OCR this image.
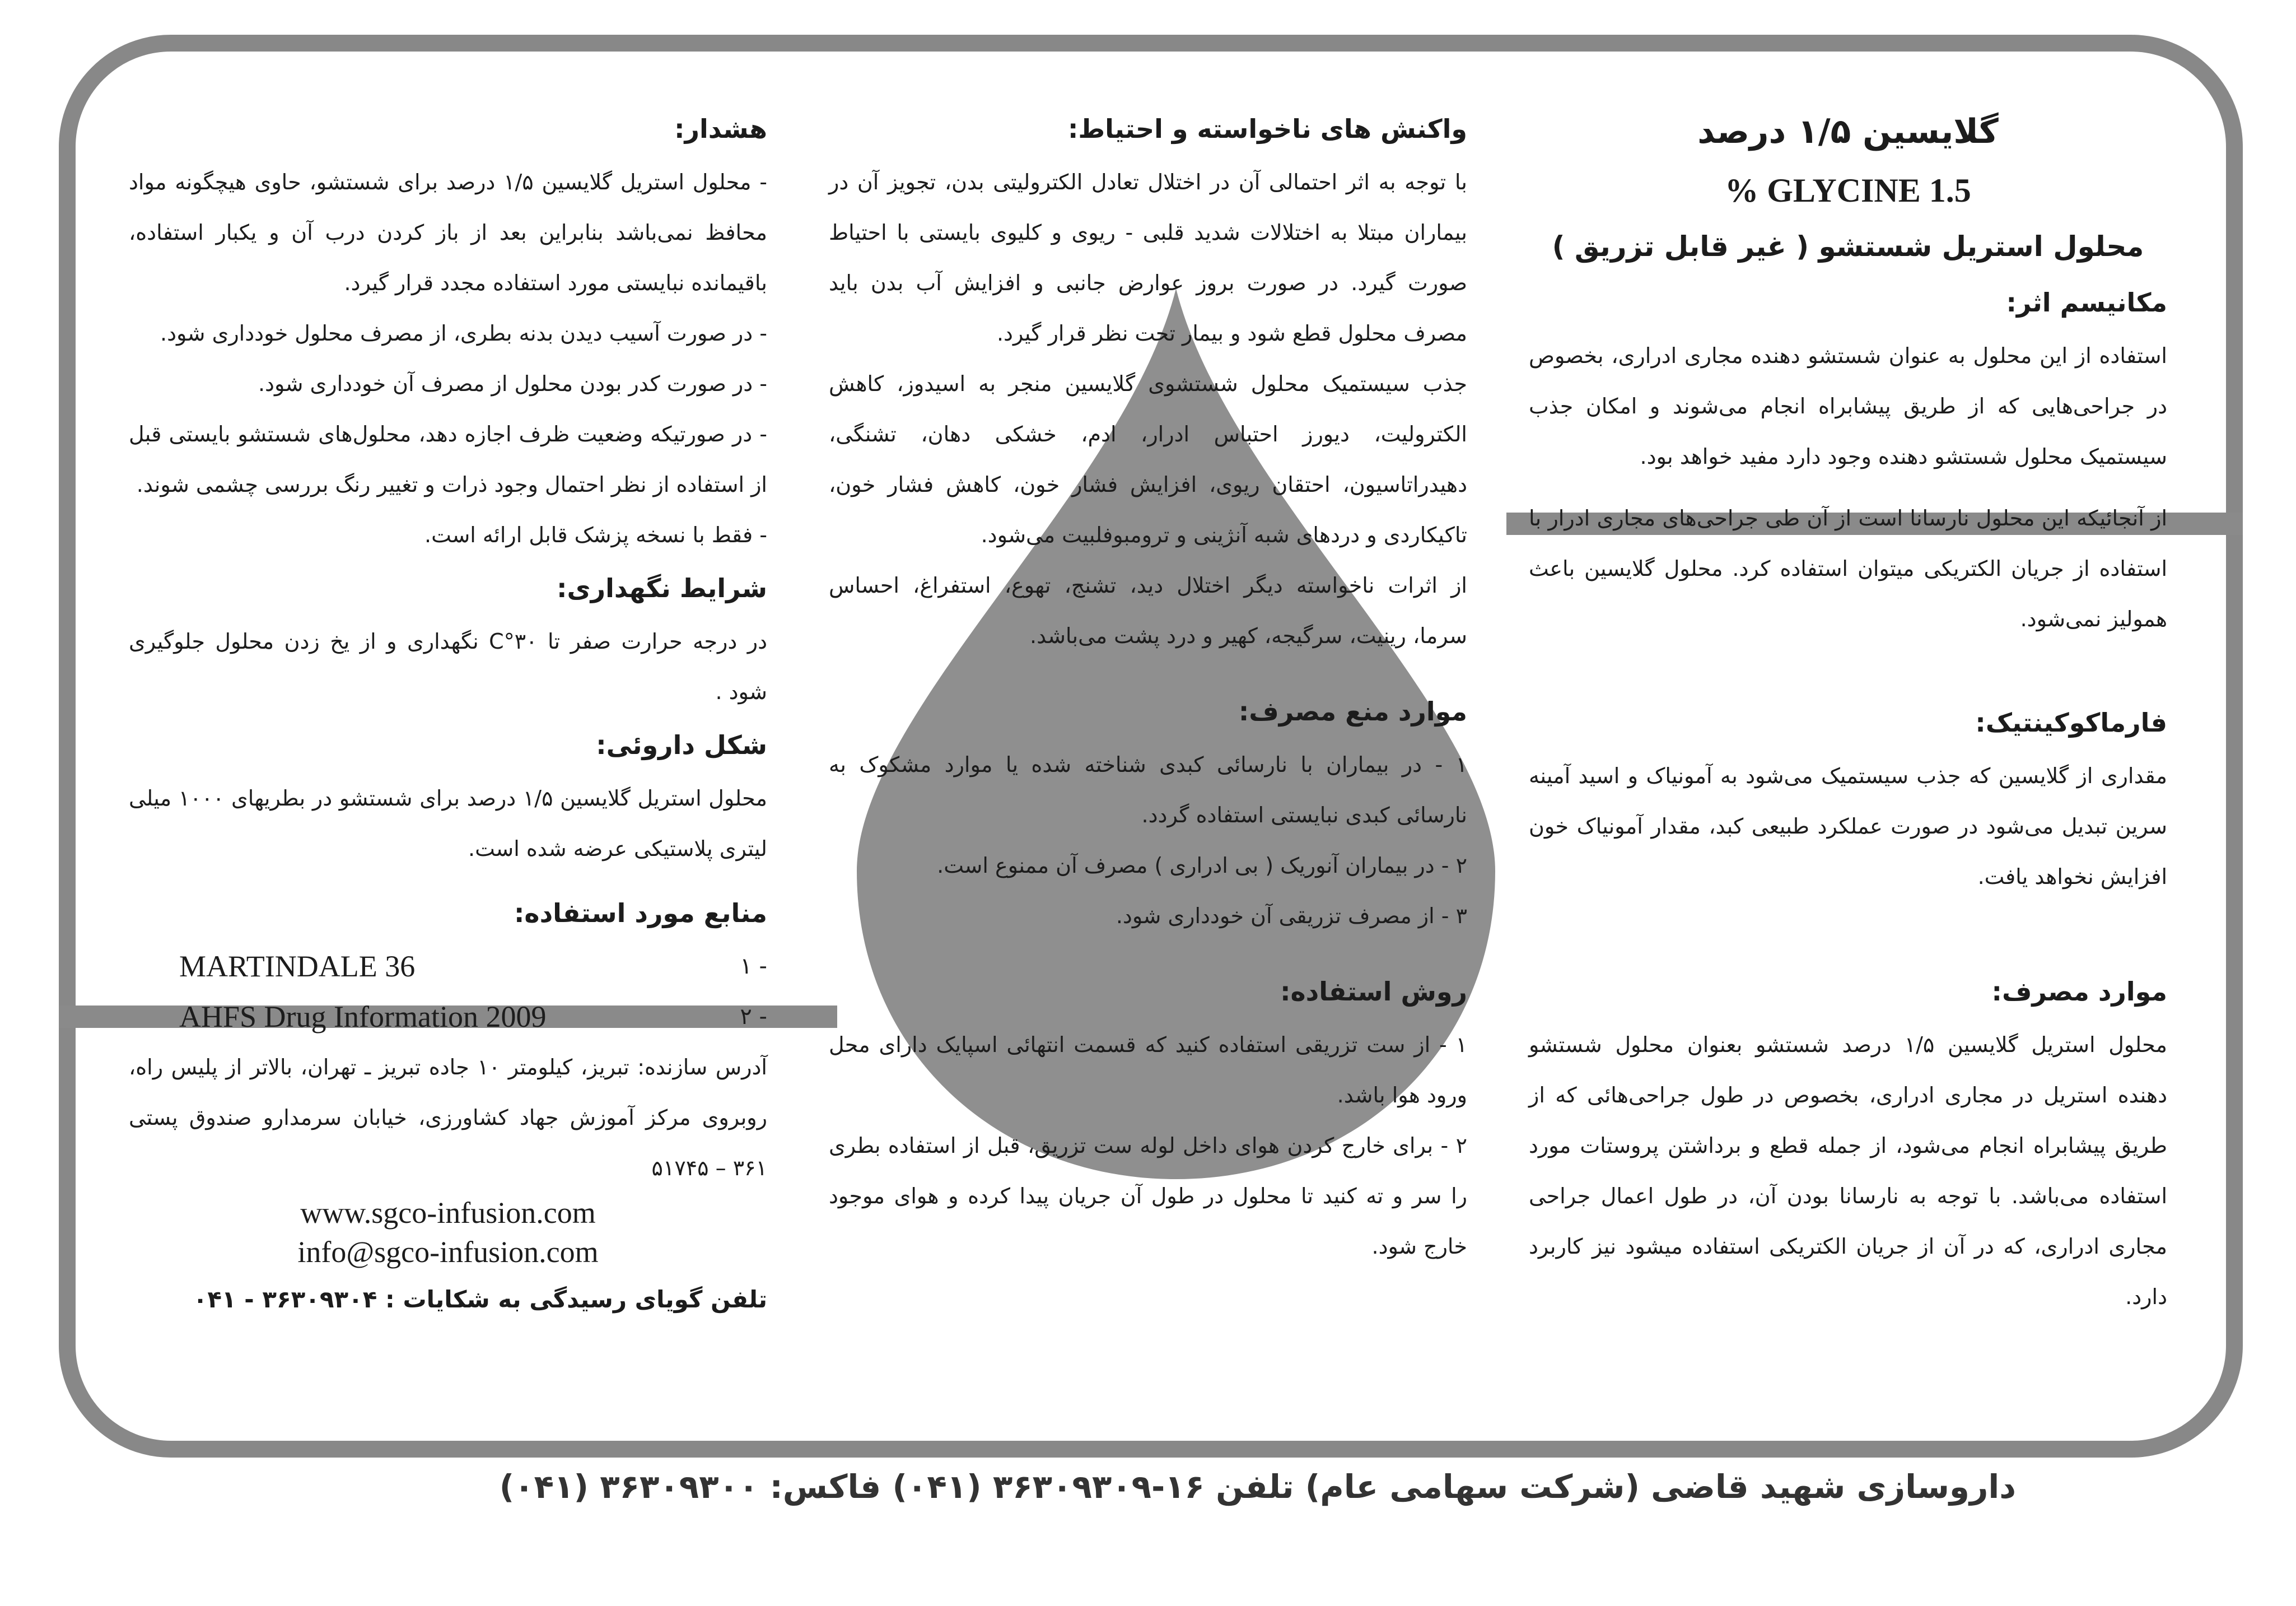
گلایسین ۱/۵ درصد
GLYCINE 1.5 %
محلول استریل شستشو ( غیر قابل تزریق )
مکانیسم اثر:

استفاده از این محلول به عنوان شستشو دهنده مجاری ادراری، بخصوص در جراحی‌هایی که از طریق پیشابراه انجام می‌شوند و امکان جذب سیستمیک محلول شستشو دهنده وجود دارد مفید خواهد بود.

از آنجائیکه این محلول نارسانا است از آن طی جراحی‌های مجاری ادرار با استفاده از جریان الکتریکی میتوان استفاده کرد. محلول گلایسین باعث همولیز نمی‌شود.

فارماکوکینتیک:

مقداری از گلایسین که جذب سیستمیک می‌شود به آمونیاک و اسید آمینه سرین تبدیل می‌شود در صورت عملکرد طبیعی کبد، مقدار آمونیاک خون افزایش نخواهد یافت.

موارد مصرف:

محلول استریل گلایسین ۱/۵ درصد شستشو بعنوان محلول شستشو دهنده استریل در مجاری ادراری، بخصوص در طول جراحی‌هائی که از طریق پیشابراه انجام می‌شود، از جمله قطع و برداشتن پروستات مورد استفاده می‌باشد. با توجه به نارسانا بودن آن، در طول اعمال جراحی مجاری ادراری، که در آن از جریان الکتریکی استفاده میشود نیز کاربرد دارد.

واکنش های ناخواسته و احتیاط:

با توجه به اثر احتمالی آن در اختلال تعادل الکترولیتی بدن، تجویز آن در بیماران مبتلا به اختلالات شدید قلبی - ریوی و کلیوی بایستی با احتیاط صورت گیرد. در صورت بروز عوارض جانبی و افزایش آب بدن باید مصرف محلول قطع شود و بیمار تحت نظر قرار گیرد.

جذب سیستمیک محلول شستشوی گلایسین منجر به اسیدوز، کاهش الکترولیت، دیورز احتباس ادرار، ادم، خشکی دهان، تشنگی، دهیدراتاسیون، احتقان ریوی، افزایش فشار خون، کاهش فشار خون، تاکیکاردی و دردهای شبه آنژینی و ترومبوفلبیت می‌شود.

از اثرات ناخواسته دیگر اختلال دید، تشنج، تهوع، استفراغ، احساس سرما، رینیت، سرگیجه، کهیر و درد پشت می‌باشد.

موارد منع مصرف:

۱ - در بیماران با نارسائی کبدی شناخته شده یا موارد مشکوک به نارسائی کبدی نبایستی استفاده گردد.

۲ - در بیماران آنوریک ( بی ادراری ) مصرف آن ممنوع است.

۳ - از مصرف تزریقی آن خودداری شود.

روش استفاده:

۱ - از ست تزریقی استفاده کنید که قسمت انتهائی اسپایک دارای محل ورود هوا باشد.

۲ - برای خارج کردن هوای داخل لوله ست تزریق، قبل از استفاده بطری را سر و ته کنید تا محلول در طول آن جریان پیدا کرده و هوای موجود خارج شود.

هشدار:

- محلول استریل گلایسین ۱/۵ درصد برای شستشو، حاوی هیچگونه مواد محافظ نمی‌باشد بنابراین بعد از باز کردن درب آن و یکبار استفاده، باقیمانده نبایستی مورد استفاده مجدد قرار گیرد.

- در صورت آسیب دیدن بدنه بطری، از مصرف محلول خودداری شود.

- در صورت کدر بودن محلول از مصرف آن خودداری شود.

- در صورتیکه وضعیت ظرف اجازه دهد، محلول‌های شستشو بایستی قبل از استفاده از نظر احتمال وجود ذرات و تغییر رنگ بررسی چشمی شوند.

- فقط با نسخه پزشک قابل ارائه است.

شرایط نگهداری:

در درجه حرارت صفر تا ۳۰°C نگهداری و از یخ زدن محلول جلوگیری شود .

شکل داروئی:

محلول استریل گلایسین ۱/۵ درصد برای شستشو در بطریهای ۱۰۰۰ میلی لیتری پلاستیکی عرضه شده است.

منابع مورد استفاده:
MARTINDALE 36	۱ -
AHFS Drug Information 2009	۲ -

آدرس سازنده: تبریز، کیلومتر ۱۰ جاده تبریز ـ تهران، بالاتر از پلیس راه، روبروی مرکز آموزش جهاد کشاورزی، خیابان سرمدارو صندوق پستی ۳۶۱ – ۵۱۷۴۵

www.sgco-infusion.com
info@sgco-infusion.com
تلفن گویای رسیدگی به شکایات : ۳۶۳۰۹۳۰۴ - ۰۴۱
داروسازی شهید قاضی (شرکت سهامی عام) تلفن ۱۶-۳۶۳۰۹۳۰۹ (۰۴۱) فاکس: ۳۶۳۰۹۳۰۰ (۰۴۱)
